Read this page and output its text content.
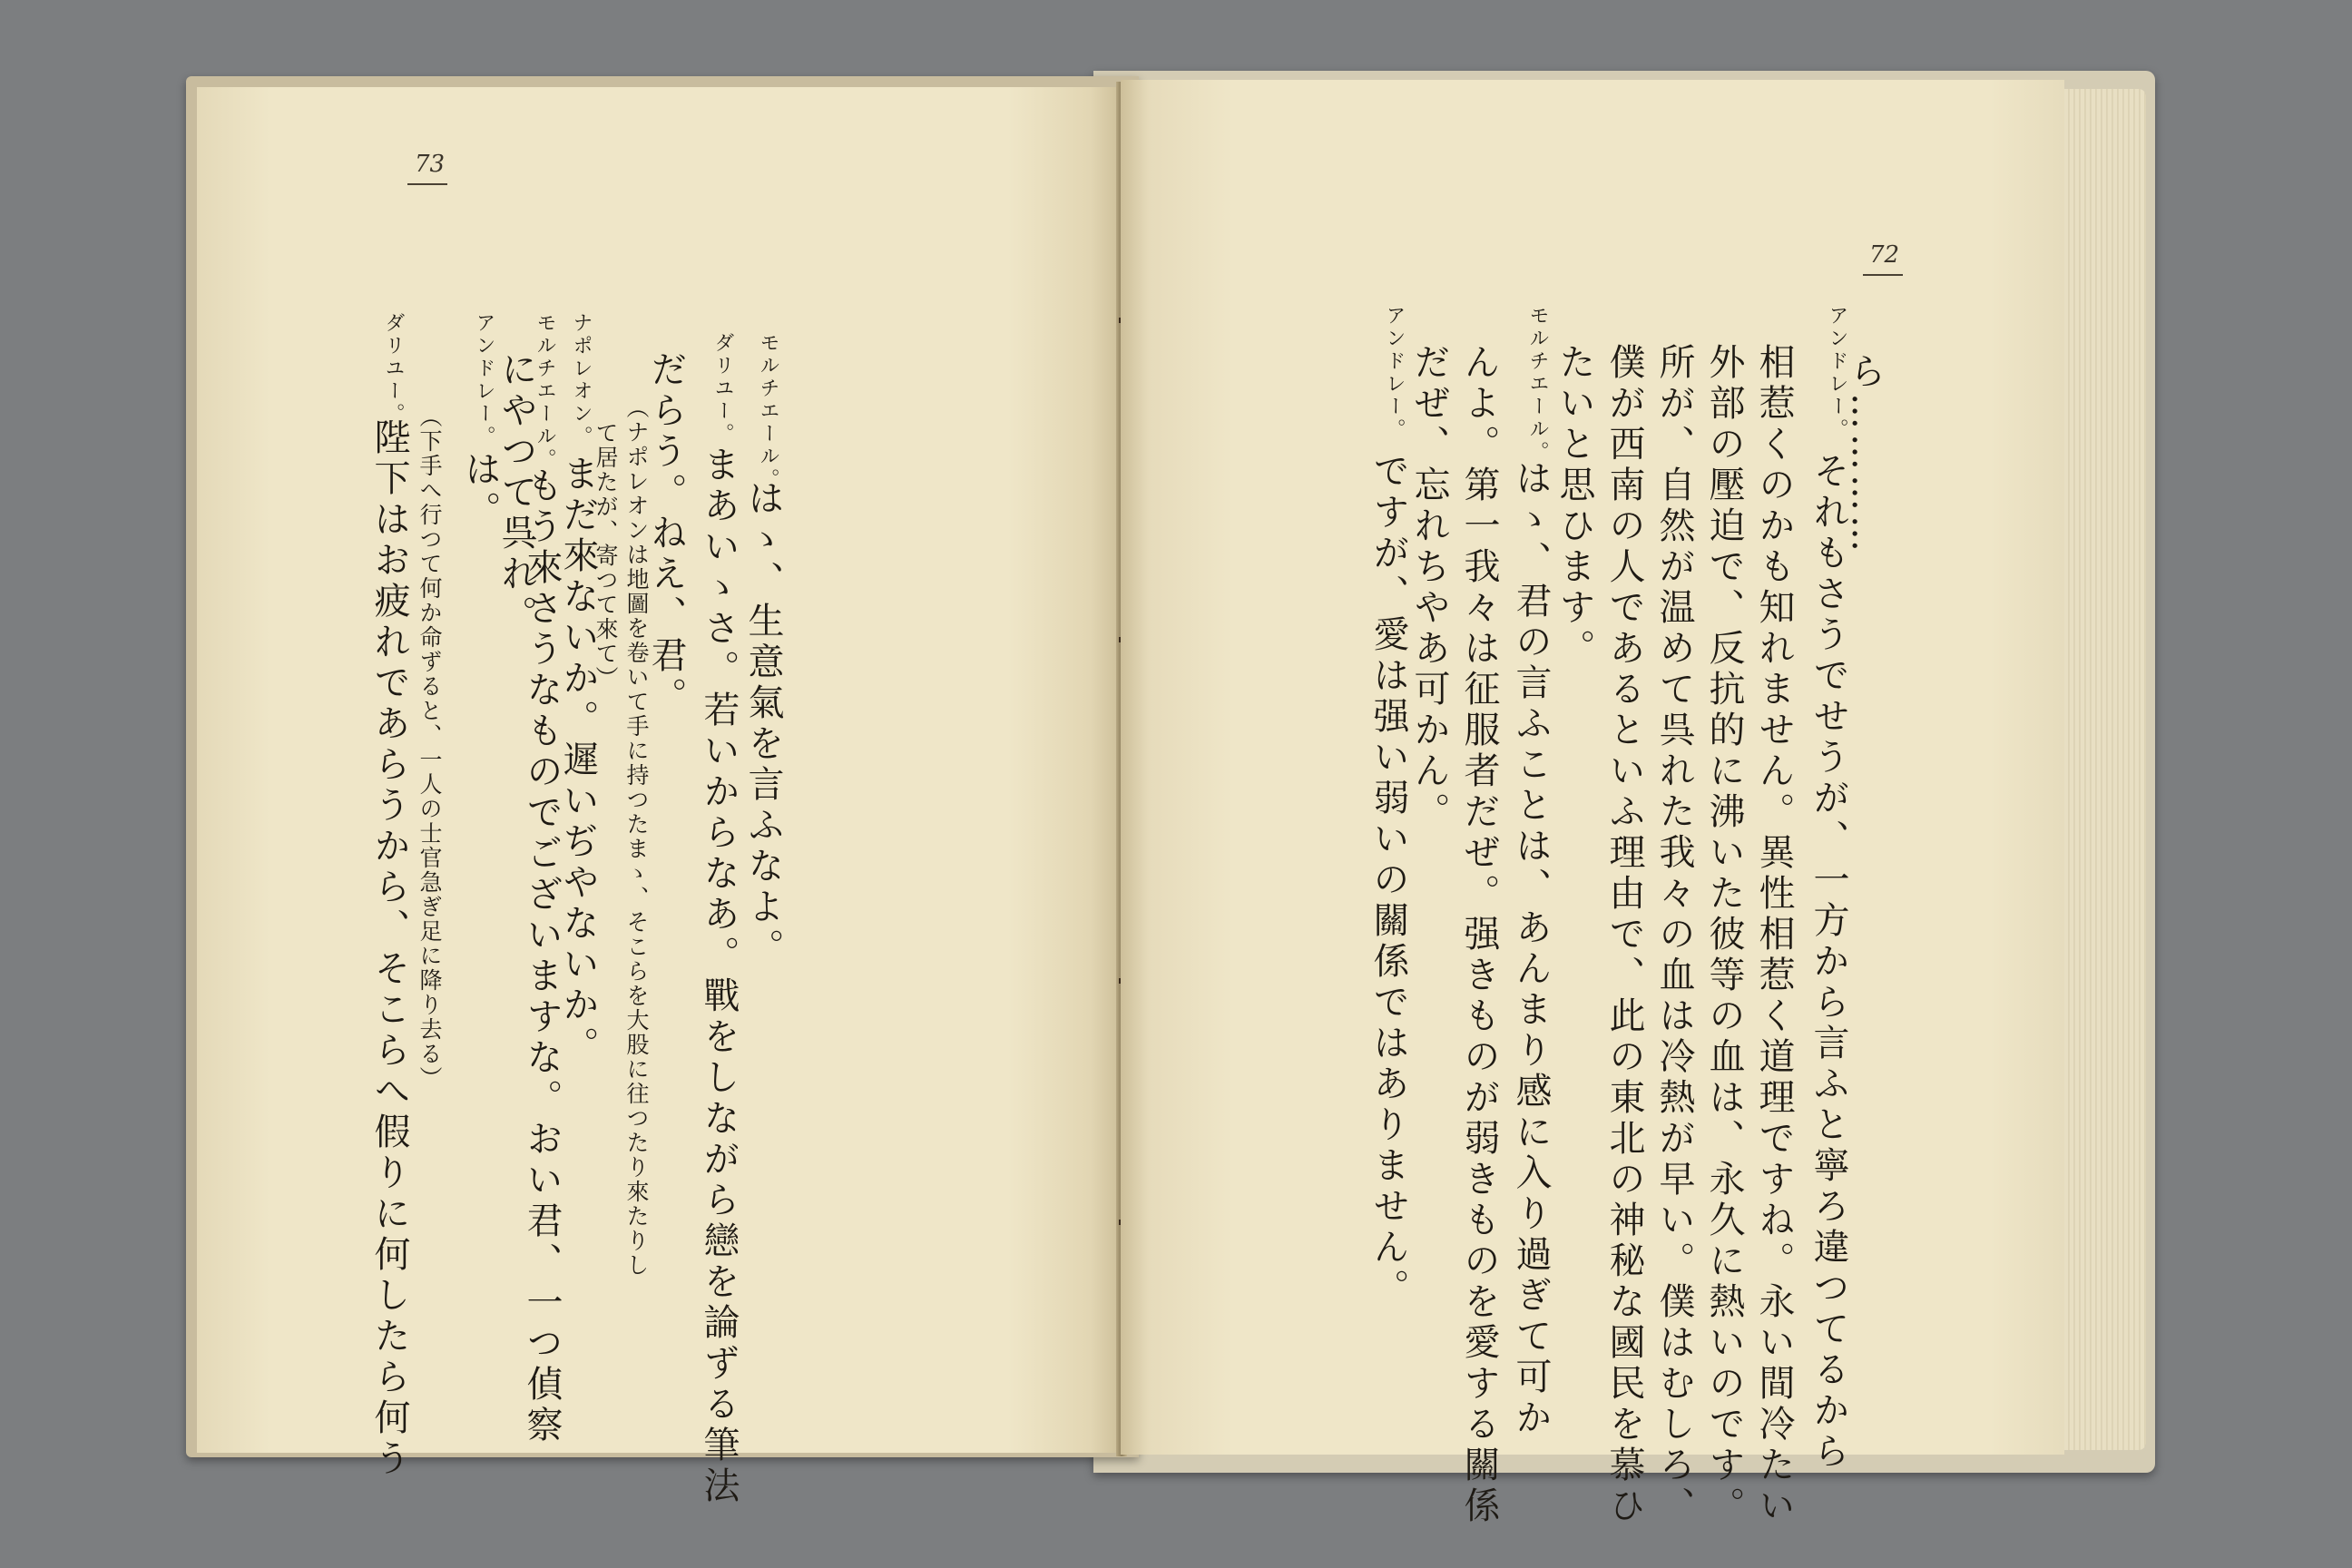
73
モルチエール。
はゝ、生意氣を言ふなよ。
ダリユー。
まあいゝさ。若いからなあ。戰をしながら戀を論ずる筆法
だらう。ねえ、君。
（ナポレオンは地圖を卷いて手に持つたまゝ、そこらを大股に往つたり來たりし
て居たが、寄つて來て）
ナポレオン。
まだ來ないか。遲いぢやないか。
モルチエール。
もう來さうなものでございますな。おい君、一つ偵察
にやつて呉れ。
アンドレー。
は。
（下手へ行つて何か命ずると、一人の士官急ぎ足に降り去る）
ダリユー。
陛下はお疲れであらうから、そこらへ假りに何したら何う
72
ら…………
アンドレー。
それもさうでせうが、一方から言ふと寧ろ違つてるから
相惹くのかも知れません。異性相惹く道理ですね。永い間冷たい
外部の壓迫で、反抗的に沸いた彼等の血は、永久に熱いのです。
所が、自然が温めて呉れた我々の血は冷熱が早い。僕はむしろ、
僕が西南の人であるといふ理由で、此の東北の神秘な國民を慕ひ
たいと思ひます。
モルチエール。
はゝ、君の言ふことは、あんまり感に入り過ぎて可か
んよ。第一我々は征服者だぜ。强きものが弱きものを愛する關係
だぜ、忘れちやあ可かん。
アンドレー。
ですが、愛は强い弱いの關係ではありません。
